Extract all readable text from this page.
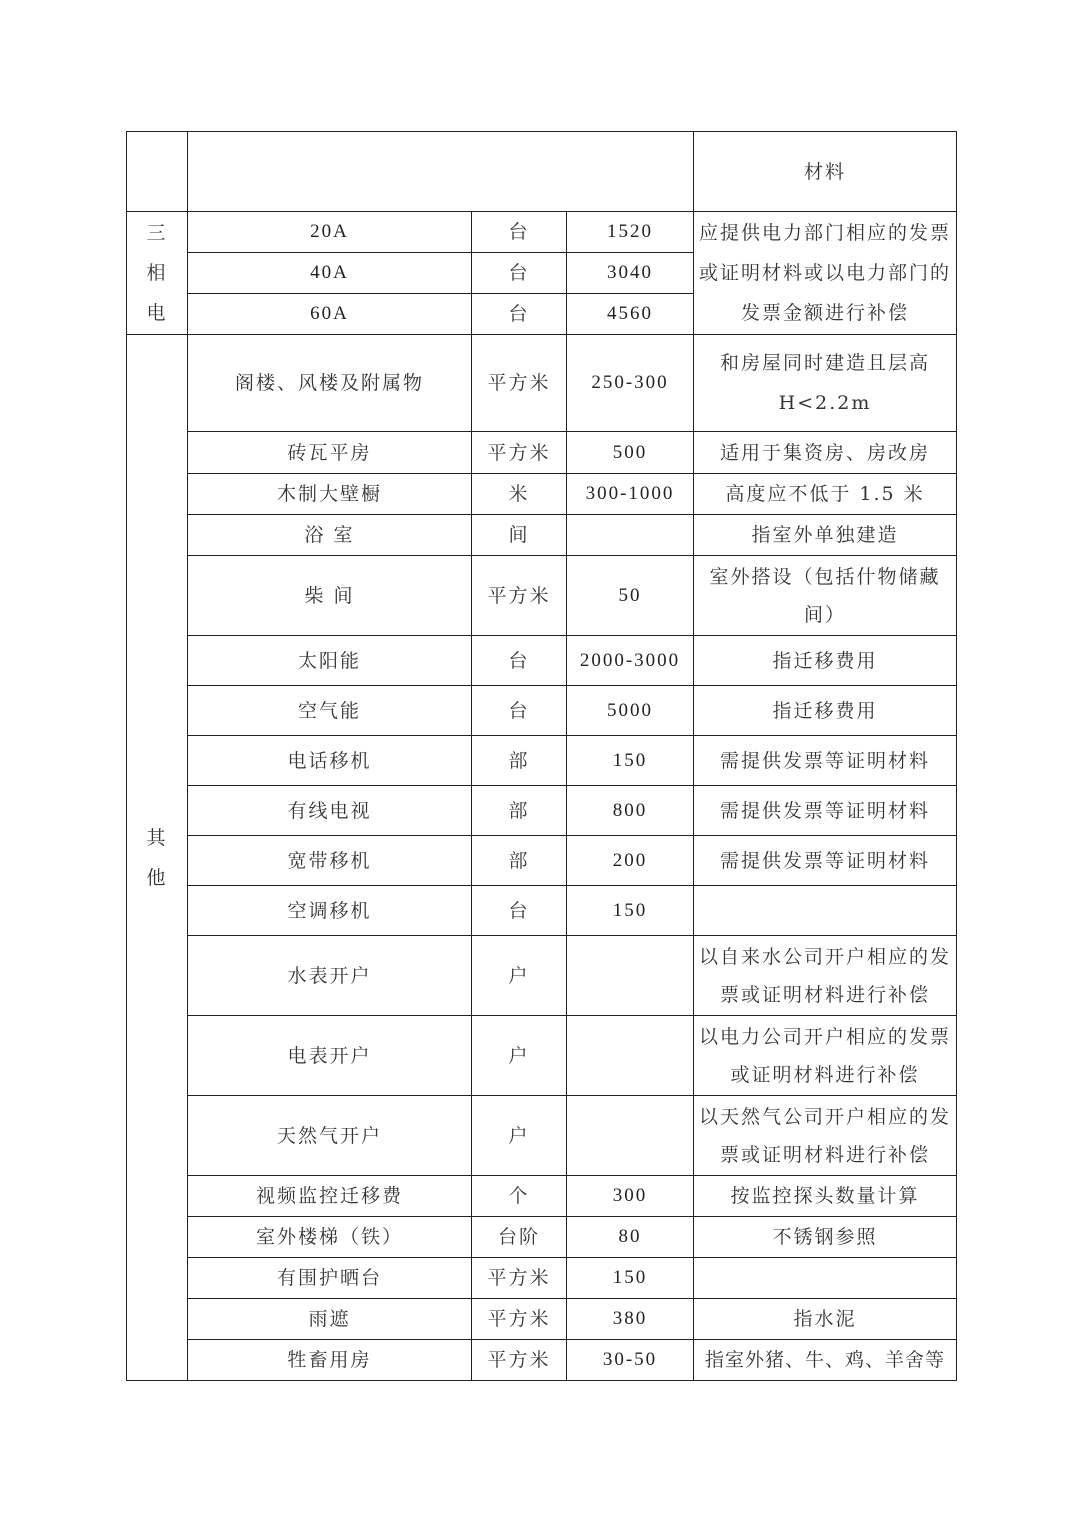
				材料
三相电	20A	台	1520	应提供电力部门相应的发票或证明材料或以电力部门的发票金额进行补偿
	40A	台	3040	
	60A	台	4560	
其他	阁楼、风楼及附属物	平方米	250-300	和房屋同时建造且层高H<2.2m
	砖瓦平房	平方米	500	适用于集资房、房改房
	木制大壁橱	米	300-1000	高度应不低于 1.5 米
	浴 室	间		指室外单独建造
	柴 间	平方米	50	室外搭设（包括什物储藏间）
	太阳能	台	2000-3000	指迁移费用
	空气能	台	5000	指迁移费用
	电话移机	部	150	需提供发票等证明材料
	有线电视	部	800	需提供发票等证明材料
	宽带移机	部	200	需提供发票等证明材料
	空调移机	台	150	
	水表开户	户		以自来水公司开户相应的发票或证明材料进行补偿
	电表开户	户		以电力公司开户相应的发票或证明材料进行补偿
	天然气开户	户		以天然气公司开户相应的发票或证明材料进行补偿
	视频监控迁移费	个	300	按监控探头数量计算
	室外楼梯（铁）	台阶	80	不锈钢参照
	有围护晒台	平方米	150	
	雨遮	平方米	380	指水泥
	牲畜用房	平方米	30-50	指室外猪、牛、鸡、羊舍等
